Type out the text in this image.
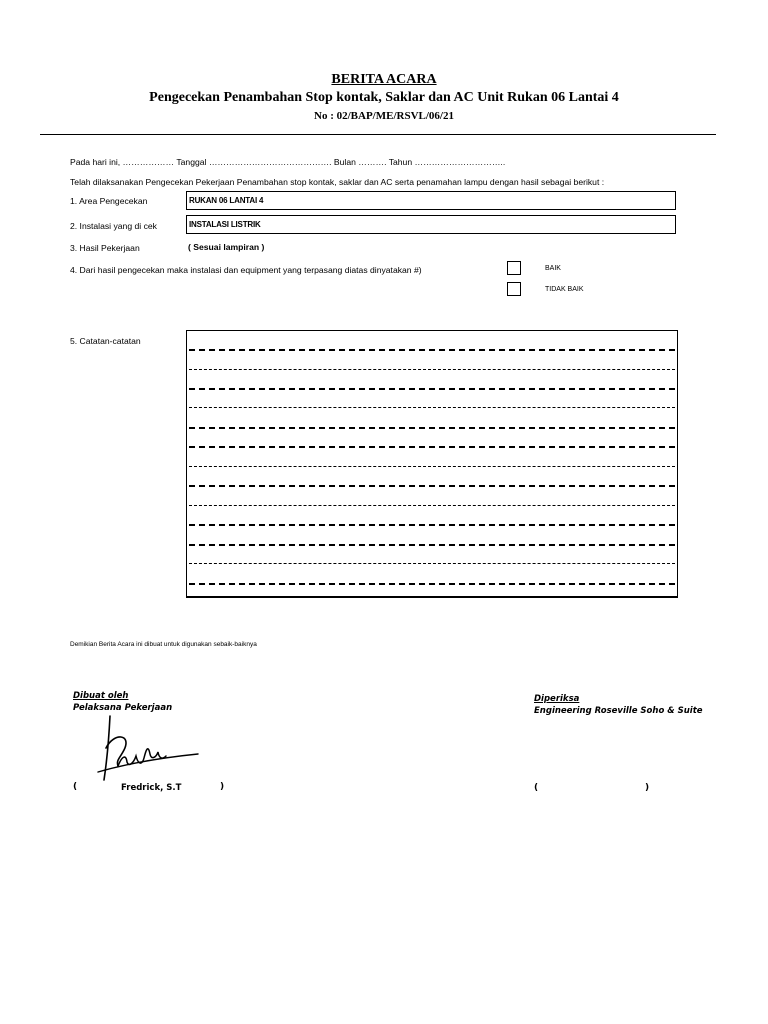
BERITA ACARA
Pengecekan Penambahan Stop kontak, Saklar dan AC Unit Rukan 06 Lantai 4
No : 02/BAP/ME/RSVL/06/21
Pada hari ini, ……………… Tanggal ……………………………………. Bulan ………. Tahun …………………………..
Telah dilaksanakan Pengecekan Pekerjaan Penambahan stop kontak, saklar dan AC serta penamahan lampu dengan hasil sebagai berikut :
1. Area Pengecekan	RUKAN 06 LANTAI 4
2. Instalasi yang di cek	INSTALASI LISTRIK
3. Hasil Pekerjaan	( Sesuai lampiran )
4. Dari hasil pengecekan maka instalasi dan equipment yang terpasang diatas dinyatakan #)	BAIK
TIDAK BAIK
5. Catatan-catatan
Demikian Berita Acara ini dibuat untuk digunakan sebaik-baiknya
Dibuat oleh
Pelaksana Pekerjaan
(	Fredrick, S.T	)
Diperiksa
Engineering Roseville Soho & Suite
(	)
